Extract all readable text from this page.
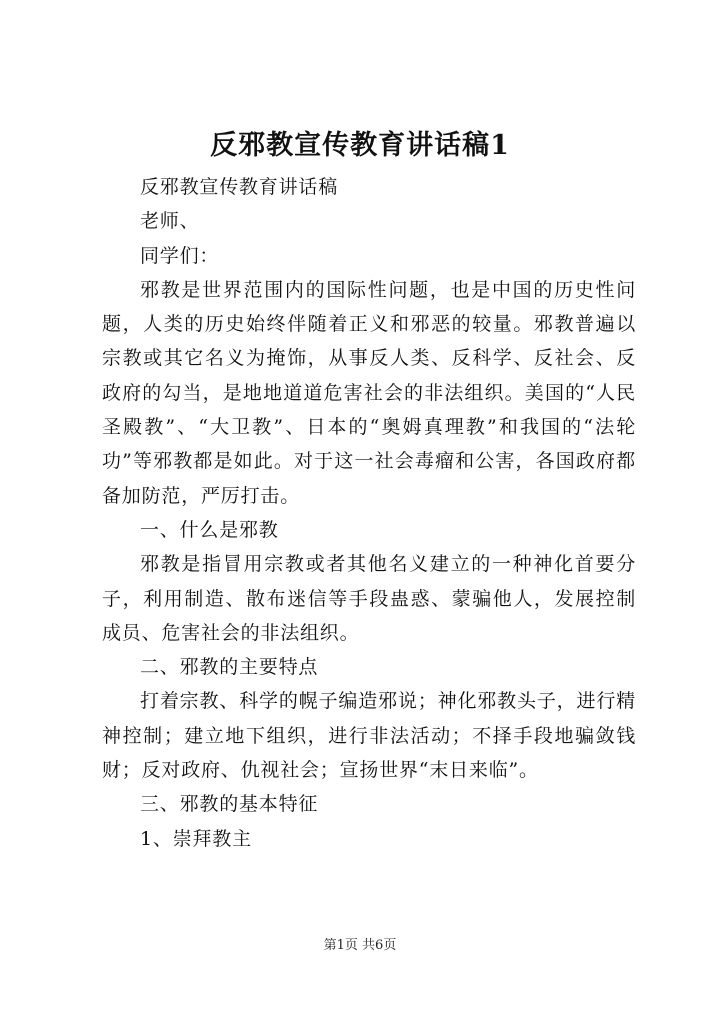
反邪教宣传教育讲话稿1

反邪教宣传教育讲话稿

老师、

同学们：

邪教是世界范围内的国际性问题，也是中国的历史性问题，人类的历史始终伴随着正义和邪恶的较量。邪教普遍以宗教或其它名义为掩饰，从事反人类、反科学、反社会、反政府的勾当，是地地道道危害社会的非法组织。美国的“人民圣殿教”、“大卫教”、日本的“奥姆真理教”和我国的“法轮功”等邪教都是如此。对于这一社会毒瘤和公害，各国政府都备加防范，严厉打击。

一、什么是邪教

邪教是指冒用宗教或者其他名义建立的一种神化首要分子，利用制造、散布迷信等手段蛊惑、蒙骗他人，发展控制成员、危害社会的非法组织。

二、邪教的主要特点

打着宗教、科学的幌子编造邪说；神化邪教头子，进行精神控制；建立地下组织，进行非法活动；不择手段地骗敛钱财；反对政府、仇视社会；宣扬世界“末日来临”。

三、邪教的基本特征

1、崇拜教主

第1页 共6页
